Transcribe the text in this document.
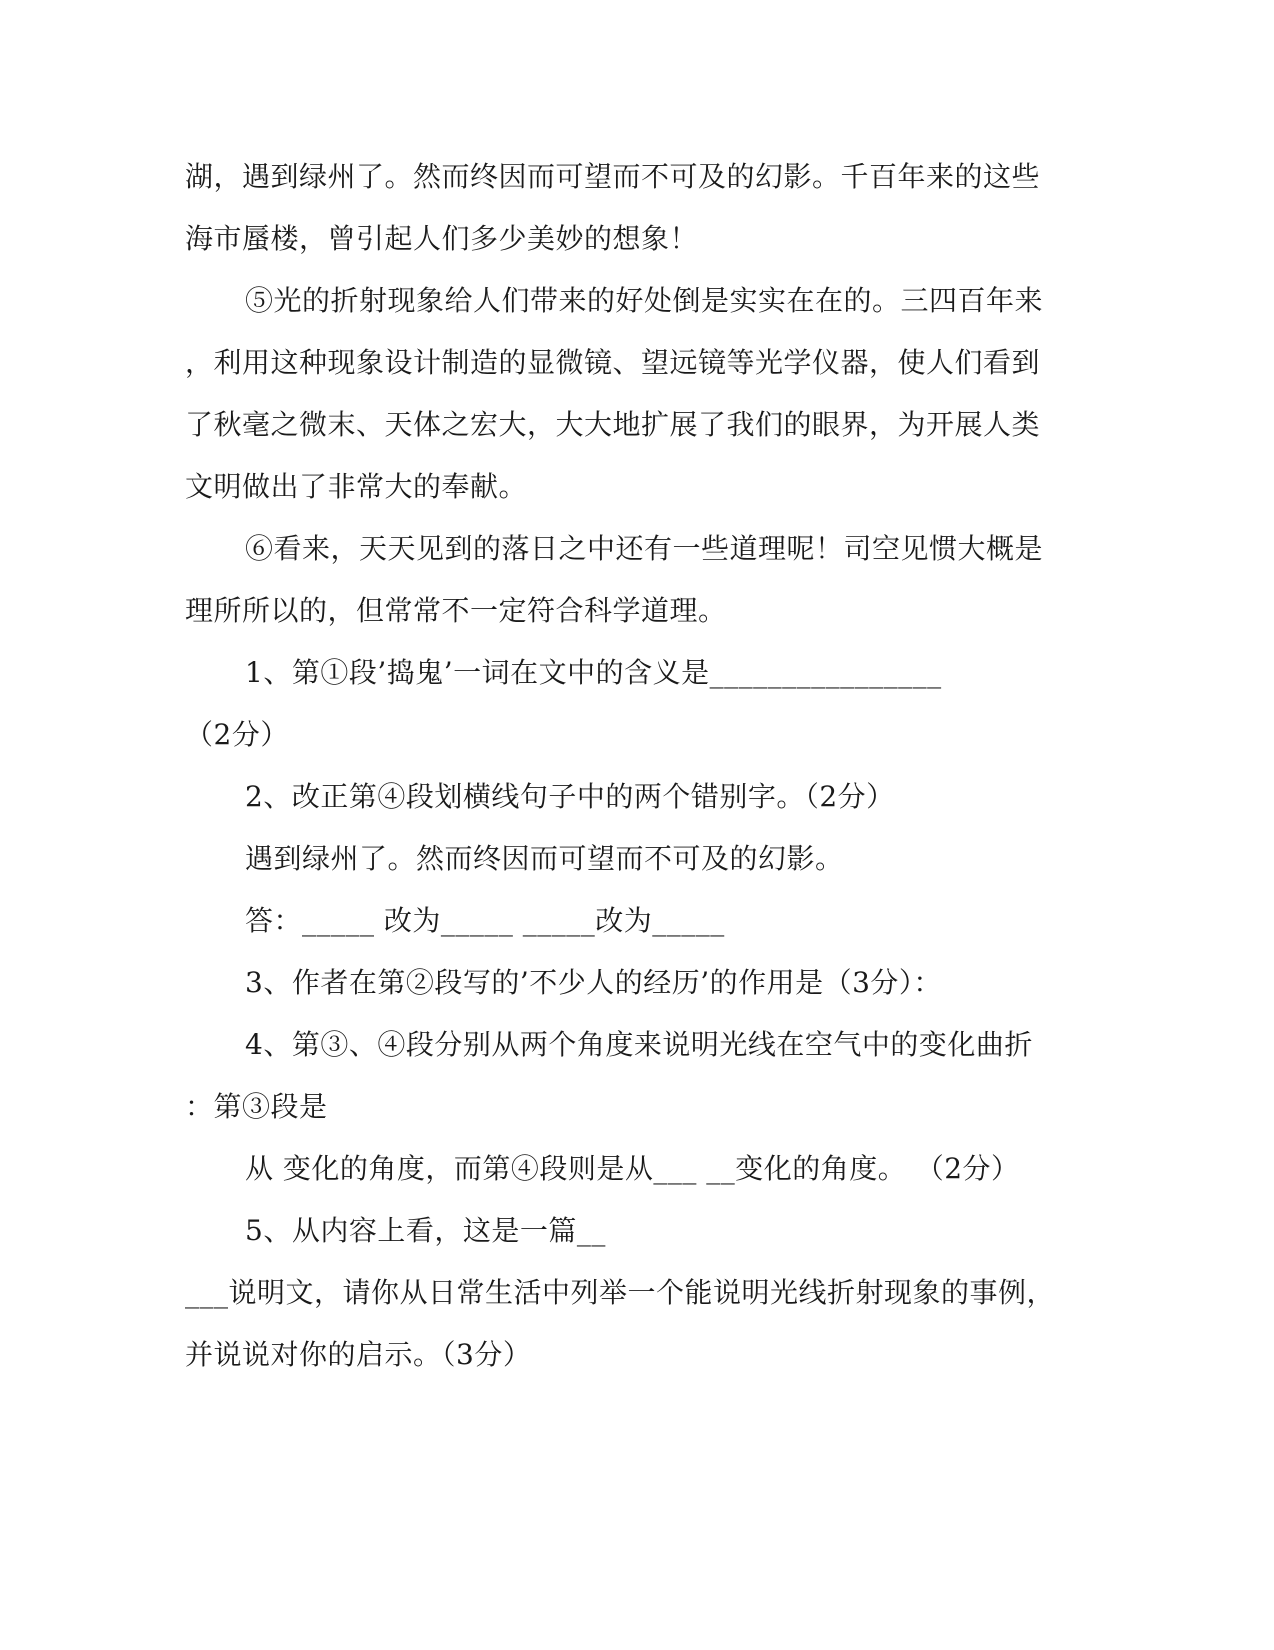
湖，遇到绿州了。然而终因而可望而不可及的幻影。千百年来的这些
海市蜃楼，曾引起人们多少美妙的想象！
⑤光的折射现象给人们带来的好处倒是实实在在的。三四百年来
，利用这种现象设计制造的显微镜、望远镜等光学仪器，使人们看到
了秋毫之微末、天体之宏大，大大地扩展了我们的眼界，为开展人类
文明做出了非常大的奉献。
⑥看来，天天见到的落日之中还有一些道理呢！司空见惯大概是
理所所以的，但常常不一定符合科学道理。
1、第①段’捣鬼’一词在文中的含义是________________
（2分）
2、改正第④段划横线句子中的两个错别字。（2分）
遇到绿州了。然而终因而可望而不可及的幻影。
答：_____ 改为_____ _____改为_____
3、作者在第②段写的’不少人的经历’的作用是（3分）：
4、第③、④段分别从两个角度来说明光线在空气中的变化曲折
：第③段是
从 变化的角度，而第④段则是从___ __变化的角度。 （2分）
5、从内容上看，这是一篇__
___说明文，请你从日常生活中列举一个能说明光线折射现象的事例，
并说说对你的启示。（3分）
